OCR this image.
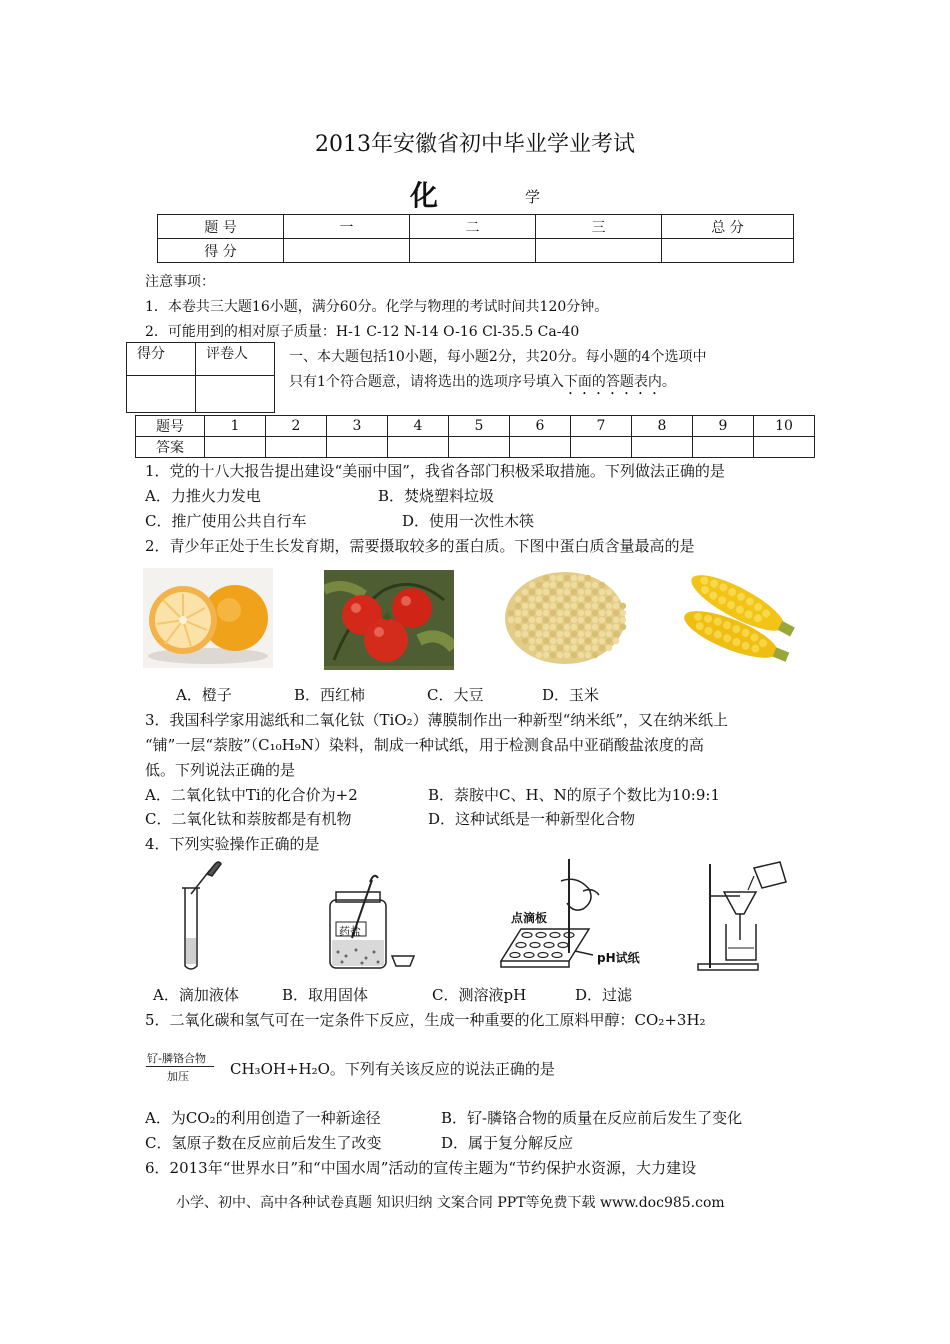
2013年安徽省初中毕业学业考试
化	学
题 号	一	二	三	总 分
得 分				
注意事项：
1．本卷共三大题16小题，满分60分。化学与物理的考试时间共120分钟。
2．可能用到的相对原子质量：H-1 C-12 N-14 O-16 Cl-35.5 Ca-40
得分	评卷人
		一、本大题包括10小题，每小题2分，共20分。每小题的4个选项中
只有1个符合题意，请将选出的选项序号填入下面的答题表内。
题号	1	2	3	4	5	6	7	8	9	10
答案										
1．党的十八大报告提出建设“美丽中国”，我省各部门积极采取措施。下列做法正确的是
A．力推火力发电	B．焚烧塑料垃圾
C．推广使用公共自行车	D．使用一次性木筷
2．青少年正处于生长发育期，需要摄取较多的蛋白质。下图中蛋白质含量最高的是
A．橙子	B．西红柿	C．大豆	D．玉米
3．我国科学家用滤纸和二氧化钛（TiO₂）薄膜制作出一种新型“纳米纸”，又在纳米纸上
“铺”一层“萘胺”（C₁₀H₉N）染料，制成一种试纸，用于检测食品中亚硝酸盐浓度的高
低。下列说法正确的是
A．二氧化钛中Ti的化合价为+2	B．萘胺中C、H、N的原子个数比为10:9:1
C．二氧化钛和萘胺都是有机物	D．这种试纸是一种新型化合物
4．下列实验操作正确的是
药盐
点滴板
pH试纸
A．滴加液体	B．取用固体	C．测溶液pH	D．过滤
5．二氧化碳和氢气可在一定条件下反应，生成一种重要的化工原料甲醇：CO₂+3H₂
钌-膦铬合物
加压	CH₃OH+H₂O。下列有关该反应的说法正确的是
A．为CO₂的利用创造了一种新途径	B．钌-膦铬合物的质量在反应前后发生了变化
C．氢原子数在反应前后发生了改变	D．属于复分解反应
6．2013年“世界水日”和“中国水周”活动的宣传主题为“节约保护水资源，大力建设
小学、初中、高中各种试卷真题 知识归纳 文案合同 PPT等免费下载 www.doc985.com
